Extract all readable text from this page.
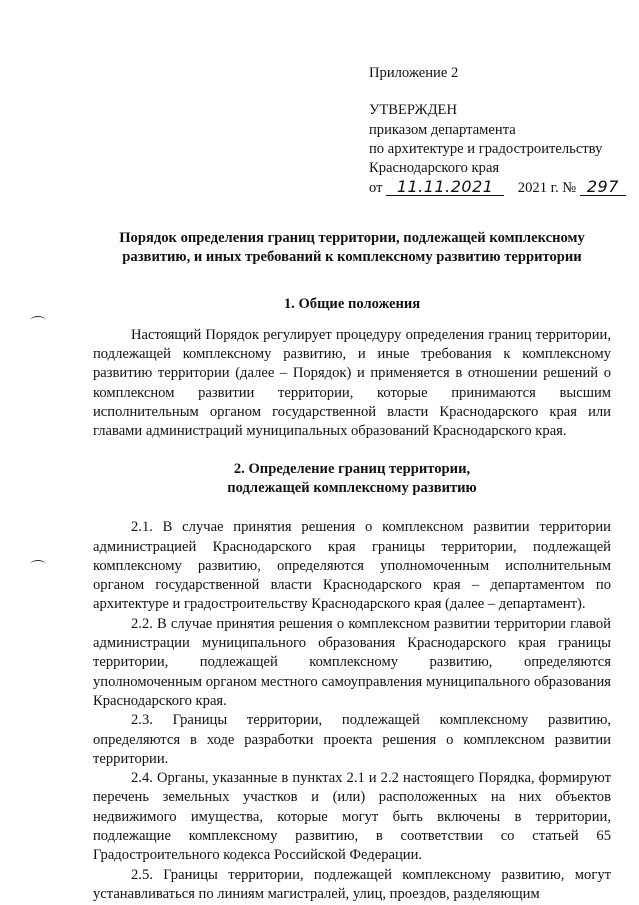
Приложение 2
УТВЕРЖДЕН
приказом департамента
по архитектуре и градостроительству
Краснодарского края
от 11.11.2021 2021 г. № 297

Порядок определения границ территории, подлежащей комплексному
развитию, и иных требований к комплексному развитию территории

1. Общие положения

Настоящий Порядок регулирует процедуру определения границ территории, подлежащей комплексному развитию, и иные требования к комплексному развитию территории (далее – Порядок) и применяется в отношении решений о комплексном развитии территории, которые принимаются высшим исполнительным органом государственной власти Краснодарского края или главами администраций муниципальных образований Краснодарского края.

2. Определение границ территории,
подлежащей комплексному развитию

2.1. В случае принятия решения о комплексном развитии территории администрацией Краснодарского края границы территории, подлежащей комплексному развитию, определяются уполномоченным исполнительным органом государственной власти Краснодарского края – департаментом по архитектуре и градостроительству Краснодарского края (далее – департамент).

2.2. В случае принятия решения о комплексном развитии территории главой администрации муниципального образования Краснодарского края границы территории, подлежащей комплексному развитию, определяются уполномоченным органом местного самоуправления муниципального образования Краснодарского края.

2.3. Границы территории, подлежащей комплексному развитию, определяются в ходе разработки проекта решения о комплексном развитии территории.

2.4. Органы, указанные в пунктах 2.1 и 2.2 настоящего Порядка, формируют перечень земельных участков и (или) расположенных на них объектов недвижимого имущества, которые могут быть включены в территории, подлежащие комплексному развитию, в соответствии со статьей 65 Градостроительного кодекса Российской Федерации.

2.5. Границы территории, подлежащей комплексному развитию, могут устанавливаться по линиям магистралей, улиц, проездов, разделяющим
